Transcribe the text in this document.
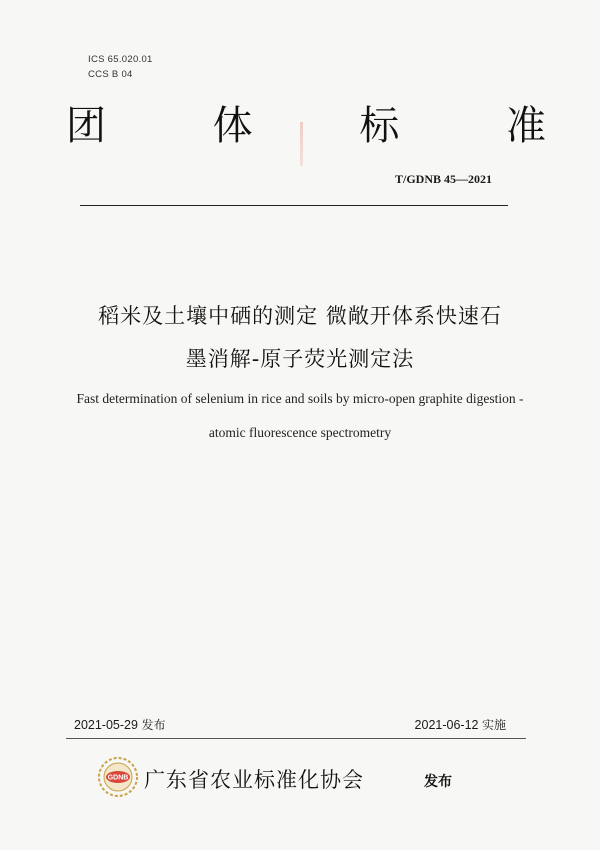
ICS 65.020.01
CCS B 04
团	体	标	准
T/GDNB 45—2021
稻米及土壤中硒的测定 微敞开体系快速石
墨消解-原子荧光测定法
Fast determination of selenium in rice and soils by micro-open graphite digestion -
atomic fluorescence spectrometry
2021-05-29 发布	2021-06-12 实施
GDNB 广东省农业标准化协会	发布
